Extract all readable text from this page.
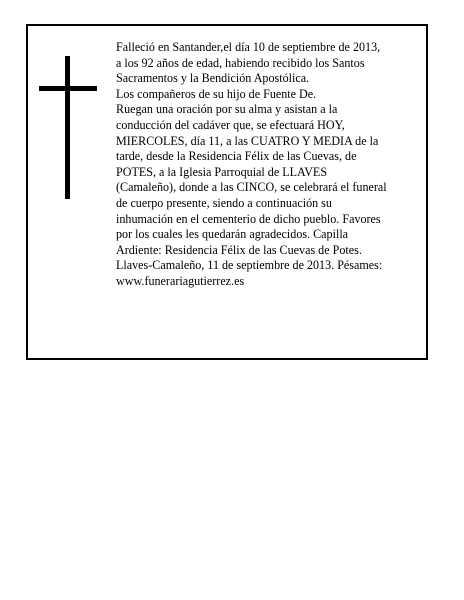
Falleció en Santander,el día 10 de septiembre de 2013,

a los 92 años de edad, habiendo recibido los Santos

Sacramentos y la Bendición Apostólica.

Los compañeros de su hijo de Fuente De.

Ruegan una oración por su alma y asistan a la

conducción del cadáver que, se efectuará HOY,

MIERCOLES, día 11, a las CUATRO Y MEDIA de la

tarde, desde la Residencia Félix de las Cuevas, de

POTES, a la Iglesia Parroquial de LLAVES

(Camaleño), donde a las CINCO, se celebrará el funeral

de cuerpo presente, siendo a continuación su

inhumación en el cementerio de dicho pueblo. Favores

por los cuales les quedarán agradecidos. Capilla

Ardiente: Residencia Félix de las Cuevas de Potes.

Llaves-Camaleño, 11 de septiembre de 2013. Pésames:

www.funerariagutierrez.es
